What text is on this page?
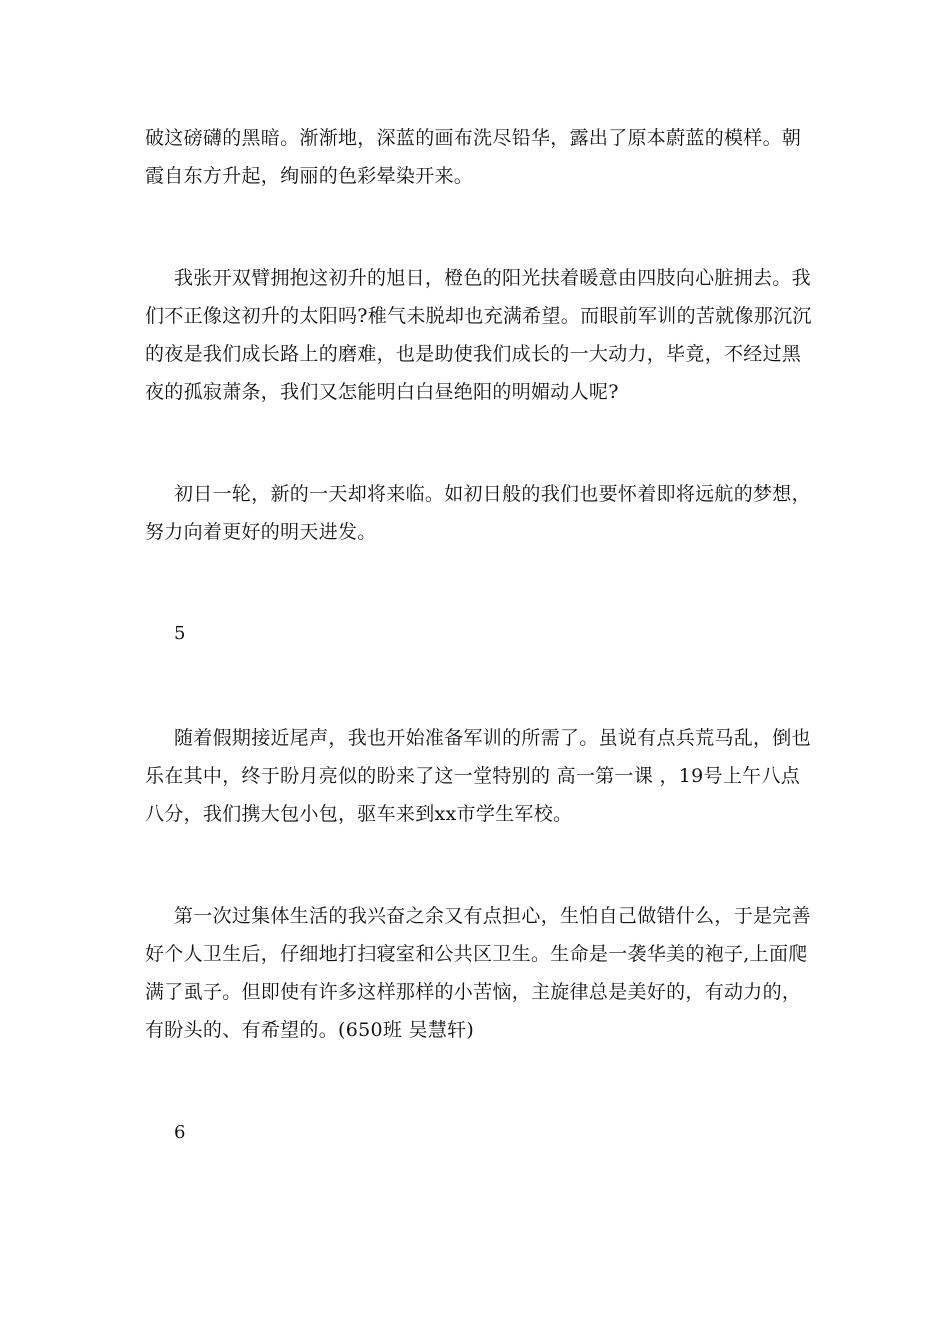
破这磅礴的黑暗。渐渐地，深蓝的画布洗尽铅华，露出了原本蔚蓝的模样。朝
霞自东方升起，绚丽的色彩晕染开来。
我张开双臂拥抱这初升的旭日，橙色的阳光扶着暖意由四肢向心脏拥去。我
们不正像这初升的太阳吗?稚气未脱却也充满希望。而眼前军训的苦就像那沉沉
的夜是我们成长路上的磨难，也是助使我们成长的一大动力，毕竟，不经过黑
夜的孤寂萧条，我们又怎能明白白昼绝阳的明媚动人呢?
初日一轮，新的一天却将来临。如初日般的我们也要怀着即将远航的梦想，
努力向着更好的明天进发。
5
随着假期接近尾声，我也开始准备军训的所需了。虽说有点兵荒马乱，倒也
乐在其中，终于盼月亮似的盼来了这一堂特别的 高一第一课 ，19号上午八点
八分，我们携大包小包，驱车来到xx市学生军校。
第一次过集体生活的我兴奋之余又有点担心，生怕自己做错什么，于是完善
好个人卫生后，仔细地打扫寝室和公共区卫生。生命是一袭华美的袍子,上面爬
满了虱子。但即使有许多这样那样的小苦恼，主旋律总是美好的，有动力的，
有盼头的、有希望的。(650班 吴慧轩)
6
